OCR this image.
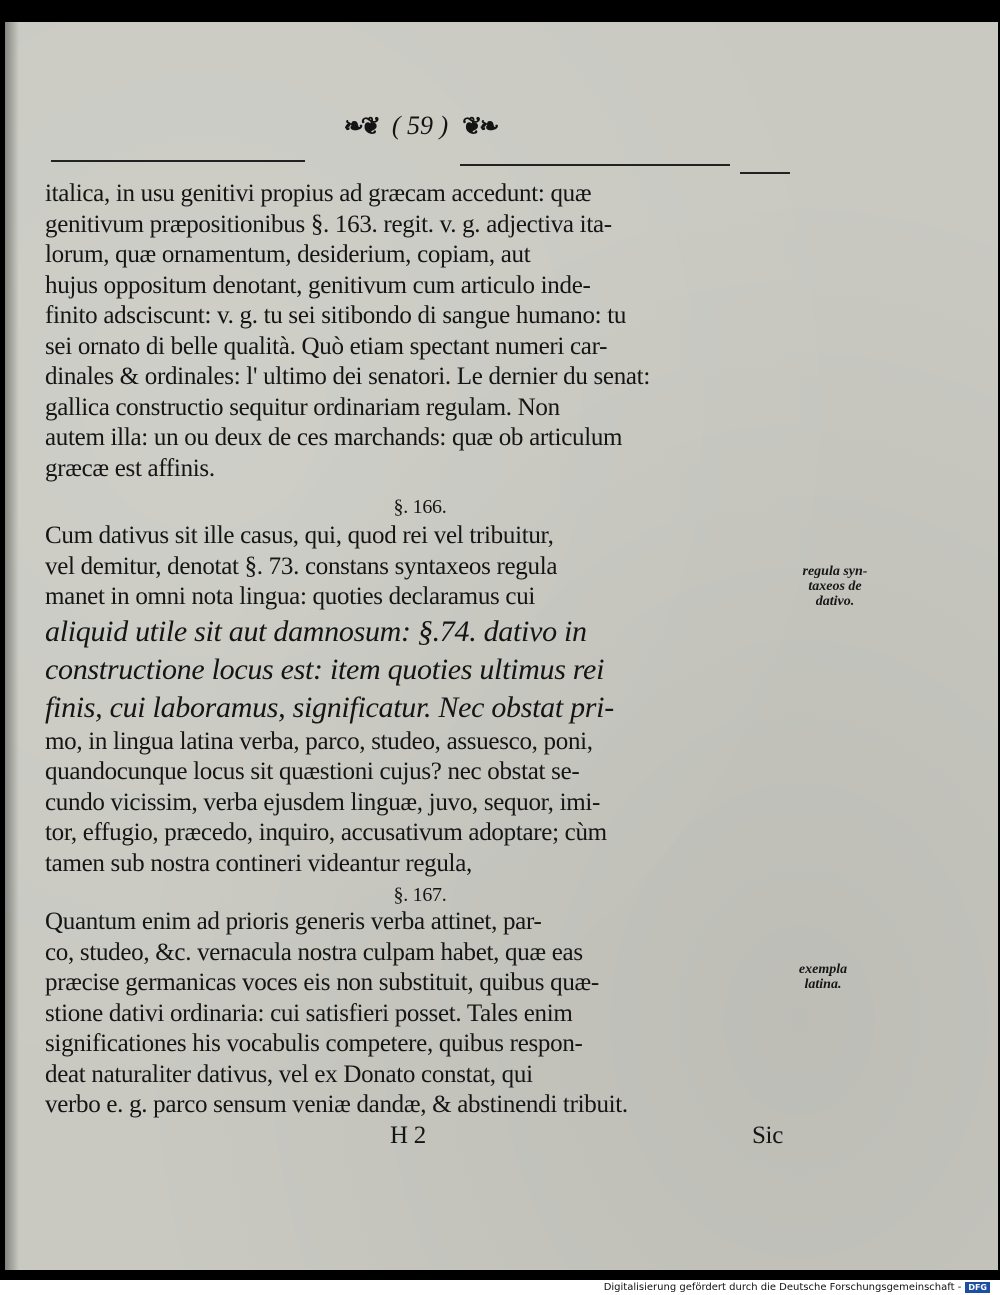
❧❦ ( 59 ) ❦❧
italica, in usu genitivi propius ad græcam accedunt: quæ
genitivum præpositionibus §. 163. regit. v. g. adjectiva ita-
lorum, quæ ornamentum, desiderium, copiam, aut
hujus oppositum denotant, genitivum cum articulo inde-
finito adsciscunt: v. g. tu sei sitibondo di sangue humano: tu
sei ornato di belle qualità. Quò etiam spectant numeri car-
dinales & ordinales: l' ultimo dei senatori. Le dernier du senat:
gallica constructio sequitur ordinariam regulam. Non
autem illa: un ou deux de ces marchands: quæ ob articulum
græcæ est affinis.
§. 166.
Cum dativus sit ille casus, qui, quod rei vel tribuitur,
vel demitur, denotat §. 73. constans syntaxeos regula
manet in omni nota lingua: quoties declaramus cui
aliquid utile sit aut damnosum: §.74. dativo in
constructione locus est: item quoties ultimus rei
finis, cui laboramus, significatur. Nec obstat pri-
mo, in lingua latina verba, parco, studeo, assuesco, poni,
quandocunque locus sit quæstioni cujus? nec obstat se-
cundo vicissim, verba ejusdem linguæ, juvo, sequor, imi-
tor, effugio, præcedo, inquiro, accusativum adoptare; cùm
tamen sub nostra contineri videantur regula,
§. 167.
Quantum enim ad prioris generis verba attinet, par-
co, studeo, &c. vernacula nostra culpam habet, quæ eas
præcise germanicas voces eis non substituit, quibus quæ-
stione dativi ordinaria: cui satisfieri posset. Tales enim
significationes his vocabulis competere, quibus respon-
deat naturaliter dativus, vel ex Donato constat, qui
verbo e. g. parco sensum veniæ dandæ, & abstinendi tribuit.
H 2	Sic
regula syn-
taxeos de
dativo.
exempla
latina.
Digitalisierung gefördert durch die Deutsche Forschungsgemeinschaft - DFG
